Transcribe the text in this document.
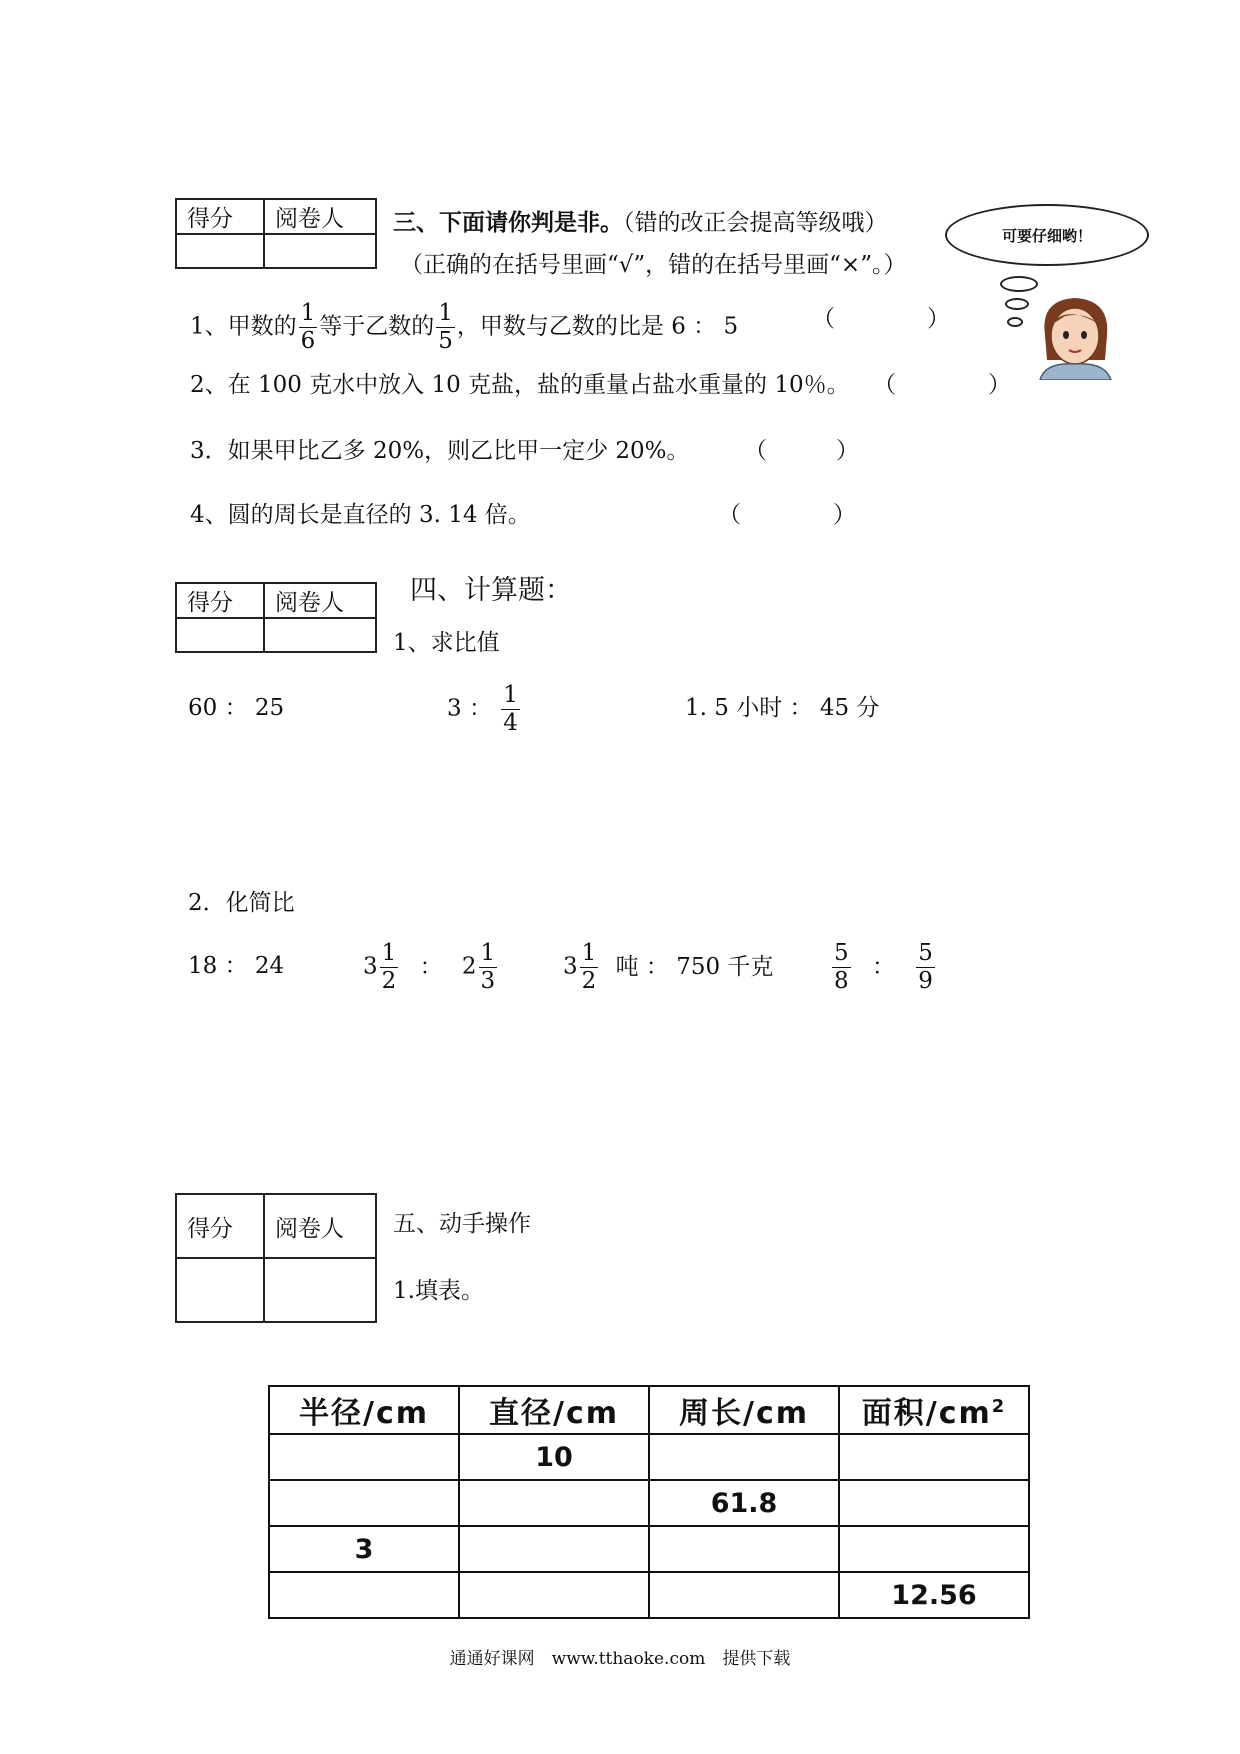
得分	阅卷人
	三、下面请你判是非。（错的改正会提高等级哦）
（正确的在括号里画“√”，错的在括号里画“×”。）
可要仔细哟！
1、甲数的 $\frac{1}{6}$ 等于乙数的 $\frac{1}{5}$ ，甲数与乙数的比是 6 ： 5	（　　　　）
2、在 100 克水中放入 10 克盐，盐的重量占盐水重量的 10％。 （　　　　）
3．如果甲比乙多 20%，则乙比甲一定少 20%。 （　　　）
4、圆的周长是直径的 3. 14 倍。	（　　　　）
得分	阅卷人
	四、计算题：
1、求比值
60 ： 25	3 ： $\frac{1}{4}$	1. 5 小时 ： 45 分
2．化简比
18 ： 24	$3 \frac{1}{2}$ ： $2 \frac{1}{3}$	$3 \frac{1}{2}$ 吨 ： 750 千克	$\frac{5}{8}$ ： $\frac{5}{9}$
得分	阅卷人
	五、动手操作
1.填表。
半径/cm	直径/cm	周长/cm	面积$/cm^2$
	10		
		61.8	
3			
			12.56
通通好课网　www.tthaoke.com　提供下载
